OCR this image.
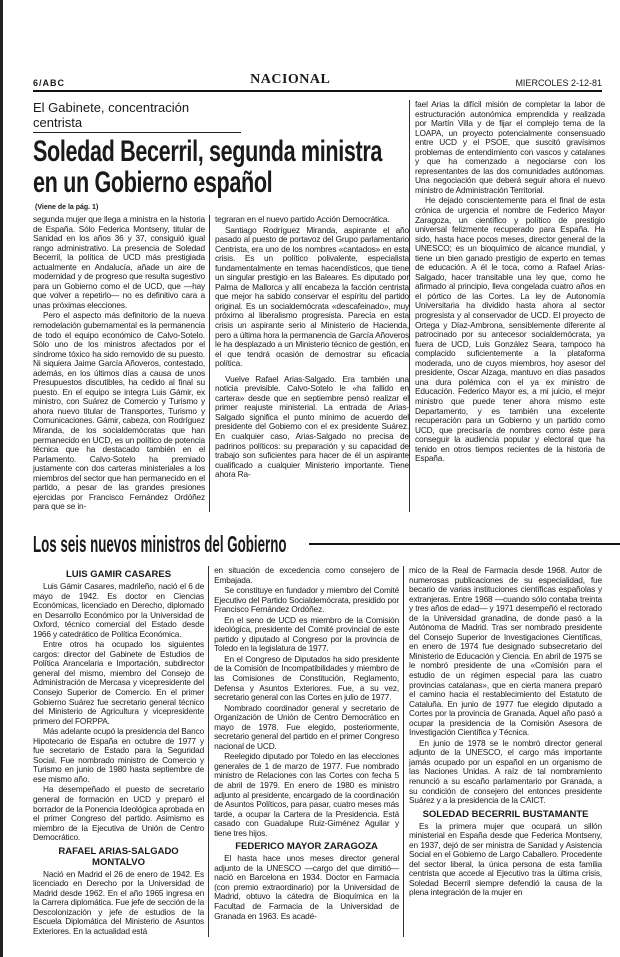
6/ABC	NACIONAL	MIERCOLES 2-12-81
El Gabinete, concentración centrista
Soledad Becerril, segunda ministra en un Gobierno español
(Viene de la pág. 1)

segunda mujer que llega a ministra en la historia de España. Sólo Federica Montseny, titular de Sanidad en los años 36 y 37, consiguió igual rango administrativo. La presencia de Soledad Becerril, la política de UCD más prestigiada actualmente en Andalucía, añade un aire de modernidad y de progreso que resulta sugestivo para un Gobierno como el de UCD, que —hay que volver a repetirlo— no es definitivo cara a unas próximas elecciones.

Pero el aspecto más definitorio de la nueva remodelación gubernamental es la permanencia de todo el equipo económico de Calvo-Sotelo. Sólo uno de los ministros afectados por el síndrome tóxico ha sido removido de su puesto. Ni siquiera Jaime García Añoveros, contestado, además, en los últimos días a causa de unos Presupuestos discutibles, ha cedido al final su puesto. En el equipo se integra Luis Gámir, ex ministro, con Suárez de Comercio y Turismo y ahora nuevo titular de Transportes, Turismo y Comunicaciones. Gámir, cabeza, con Rodríguez Miranda, de los socialdemócratas que han permanecido en UCD, es un político de potencia técnica que ha destacado también en el Parlamento. Calvo-Sotelo ha premiado justamente con dos carteras ministeriales a los miembros del sector que han permanecido en el partido, a pesar de las grandes presiones ejercidas por Francisco Fernández Ordóñez para que se in-

tegraran en el nuevo partido Acción Democrática.

Santiago Rodríguez Miranda, aspirante el año pasado al puesto de portavoz del Grupo parlamentario Centrista, era uno de los nombres «cantados» en esta crisis. Es un político polivalente, especialista fundamentalmente en temas hacendísticos, que tiene un singular prestigio en las Baleares. Es diputado por Palma de Mallorca y allí encabeza la facción centrista que mejor ha sabido conservar el espíritu del partido original. Es un socialdemócrata «descafeinado», muy próximo al liberalismo progresista. Parecía en esta crisis un aspirante serio al Ministerio de Hacienda, pero a última hora la permanencia de García Añoveros le ha desplazado a un Ministerio técnico de gestión, en el que tendrá ocasión de demostrar su eficacia política.

Vuelve Rafael Arias-Salgado. Era también una noticia previsible. Calvo-Sotelo le «ha fallido en cartera» desde que en septiembre pensó realizar el primer reajuste ministerial. La entrada de Arias-Salgado significa el punto mínimo de acuerdo del presidente del Gobierno con el ex presidente Suárez. En cualquier caso, Arias-Salgado no precisa de padrinos políticos: su preparación y su capacidad de trabajo son suficientes para hacer de él un aspirante cualificado a cualquier Ministerio importante. Tiene ahora Ra-

fael Arias la difícil misión de completar la labor de estructuración autonómica emprendida y realizada por Martín Villa y de fijar el complejo tema de la LOAPA, un proyecto potencialmente consensuado entre UCD y el PSOE, que suscitó gravísimos problemas de entendimiento con vascos y catalanes y que ha comenzado a negociarse con los representantes de las dos comunidades autónomas. Una negociación que deberá seguir ahora el nuevo ministro de Administración Territorial.

He dejado conscientemente para el final de esta crónica de urgencia el nombre de Federico Mayor Zaragoza, un científico y político de prestigio universal felizmente recuperado para España. Ha sido, hasta hace pocos meses, director general de la UNESCO; es un bioquímico de alcance mundial, y tiene un bien ganado prestigio de experto en temas de educación. A él le toca, como a Rafael Arias-Salgado, hacer transitable una ley que, como he afirmado al principio, lleva congelada cuatro años en el pórtico de las Cortes. La ley de Autonomía Universitaria ha dividido hasta ahora al sector progresista y al conservador de UCD. El proyecto de Ortega y Díaz-Ambrona, sensiblemente diferente al patrocinado por su antecesor socialdemócrata, ya fuera de UCD, Luis González Seara, tampoco ha complacido suficientemente a la plataforma moderada, uno de cuyos miembros, hoy asesor del presidente, Oscar Alzaga, mantuvo en días pasados una dura polémica con el ya ex ministro de Educación. Federico Mayor es, a mi juicio, el mejor ministro que puede tener ahora mismo este Departamento, y es también una excelente recuperación para un Gobierno y un partido como UCD, que precisaría de nombres como éste para conseguir la audiencia popular y electoral que ha tenido en otros tiempos recientes de la historia de España.

Los seis nuevos ministros del Gobierno

LUIS GAMIR CASARES

Luis Gámir Casares, madrileño, nació el 6 de mayo de 1942. Es doctor en Ciencias Económicas, licenciado en Derecho, diplomado en Desarrollo Económico por la Universidad de Oxford, técnico comercial del Estado desde 1966 y catedrático de Política Económica.

Entre otros ha ocupado los siguientes cargos: director del Gabinete de Estudios de Política Arancelaria e Importación, subdirector general del mismo, miembro del Consejo de Administración de Mercasa y vicepresidente del Consejo Superior de Comercio. En el primer Gobierno Suárez fue secretario general técnico del Ministerio de Agricultura y vicepresidente primero del FORPPA.

Más adelante ocupó la presidencia del Banco Hipotecario de España en octubre de 1977 y fue secretario de Estado para la Seguridad Social. Fue nombrado ministro de Comercio y Turismo en junio de 1980 hasta septiembre de ese mismo año.

Ha desempeñado el puesto de secretario general de formación en UCD y preparó el borrador de la Ponencia Ideológica aprobada en el primer Congreso del partido. Asimismo es miembro de la Ejecutiva de Unión de Centro Democrático.

RAFAEL ARIAS-SALGADO MONTALVO

Nació en Madrid el 26 de enero de 1942. Es licenciado en Derecho por la Universidad de Madrid desde 1962. En el año 1965 ingresa en la Carrera diplomática. Fue jefe de sección de la Descolonización y jefe de estudios de la Escuela Diplomática del Ministerio de Asuntos Exteriores. En la actualidad está

en situación de excedencia como consejero de Embajada.

Se constituye en fundador y miembro del Comité Ejecutivo del Partido Socialdemócrata, presidido por Francisco Fernández Ordóñez.

En el seno de UCD es miembro de la Comisión ideológica, presidente del Comité provincial de este partido y diputado al Congreso por la provincia de Toledo en la legislatura de 1977.

En el Congreso de Diputados ha sido presidente de la Comisión de Incompatibilidades y miembro de las Comisiones de Constitución, Reglamento, Defensa y Asuntos Exteriores. Fue, a su vez, secretario general con las Cortes en julio de 1977.

Nombrado coordinador general y secretario de Organización de Unión de Centro Democrático en mayo de 1978. Fue elegido, posteriormente, secretario general del partido en el primer Congreso nacional de UCD.

Reelegido diputado por Toledo en las elecciones generales de 1 de marzo de 1977. Fue nombrado ministro de Relaciones con las Cortes con fecha 5 de abril de 1979. En enero de 1980 es ministro adjunto al presidente, encargado de la coordinación de Asuntos Políticos, para pasar, cuatro meses más tarde, a ocupar la Cartera de la Presidencia. Está casado con Guadalupe Ruiz-Giménez Aguilar y tiene tres hijos.

FEDERICO MAYOR ZARAGOZA

El hasta hace unos meses director general adjunto de la UNESCO —cargo del que dimitió— nació en Barcelona en 1934. Doctor en Farmacia (con premio extraordinario) por la Universidad de Madrid, obtuvo la cátedra de Bioquímica en la Facultad de Farmacia de la Universidad de Granada en 1963. Es acadé-

mico de la Real de Farmacia desde 1968. Autor de numerosas publicaciones de su especialidad, fue becario de varias instituciones científicas españolas y extranjeras. Entre 1968 —cuando sólo contaba treinta y tres años de edad— y 1971 desempeñó el rectorado de la Universidad granadina, de donde pasó a la Autónoma de Madrid. Tras ser nombrado presidente del Consejo Superior de Investigaciones Científicas, en enero de 1974 fue designado subsecretario del Ministerio de Educación y Ciencia. En abril de 1975 se le nombró presidente de una «Comisión para el estudio de un régimen especial para las cuatro provincias catalanas», que en cierta manera preparó el camino hacia el restablecimiento del Estatuto de Cataluña. En junio de 1977 fue elegido diputado a Cortes por la provincia de Granada. Aquel año pasó a ocupar la presidencia de la Comisión Asesora de Investigación Científica y Técnica.

En junio de 1978 se le nombró director general adjunto de la UNESCO, el cargo más importante jamás ocupado por un español en un organismo de las Naciones Unidas. A raíz de tal nombramiento renunció a su escaño parlamentario por Granada, a su condición de consejero del entonces presidente Suárez y a la presidencia de la CAICT.

SOLEDAD BECERRIL BUSTAMANTE

Es la primera mujer que ocupará un sillón ministerial en España desde que Federica Montseny, en 1937, dejó de ser ministra de Sanidad y Asistencia Social en el Gobierno de Largo Caballero. Procedente del sector liberal, la única persona de esta familia centrista que accede al Ejecutivo tras la última crisis, Soledad Becerril siempre defendió la causa de la plena integración de la mujer en
